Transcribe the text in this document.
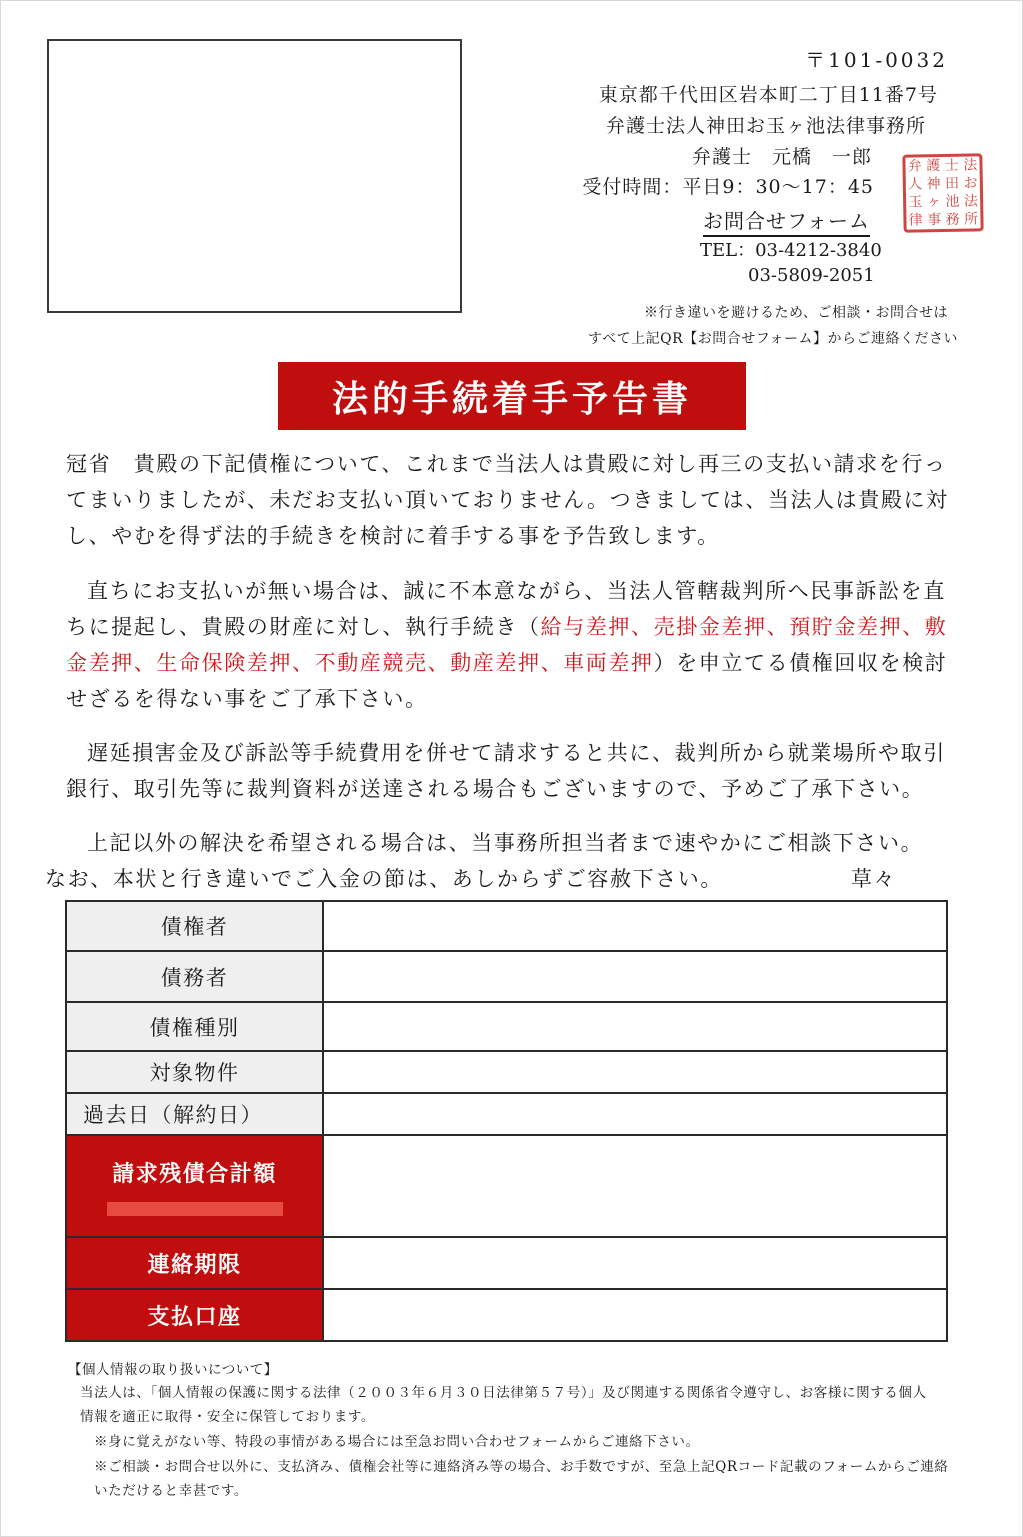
〒101-0032
東京都千代田区岩本町二丁目11番7号
弁護士法人神田お玉ヶ池法律事務所
弁護士　元橋　一郎
受付時間：平日9：30〜17：45
お問合せフォーム
TEL：03-4212-3840
03-5809-2051
※行き違いを避けるため、ご相談・お問合せは
すべて上記QR【お問合せフォーム】からご連絡ください
弁 護 士 法
人 神 田 お
玉 ヶ 池 法
律 事 務 所
法的手続着手予告書
冠省　貴殿の下記債権について、これまで当法人は貴殿に対し再三の支払い請求を行ってまいりましたが、未だお支払い頂いておりません。つきましては、当法人は貴殿に対し、やむを得ず法的手続きを検討に着手する事を予告致します。
直ちにお支払いが無い場合は、誠に不本意ながら、当法人管轄裁判所へ民事訴訟を直ちに提起し、貴殿の財産に対し、執行手続き（給与差押、売掛金差押、預貯金差押、敷金差押、生命保険差押、不動産競売、動産差押、車両差押）を申立てる債権回収を検討せざるを得ない事をご了承下さい。
遅延損害金及び訴訟等手続費用を併せて請求すると共に、裁判所から就業場所や取引銀行、取引先等に裁判資料が送達される場合もございますので、予めご了承下さい。
上記以外の解決を希望される場合は、当事務所担当者まで速やかにご相談下さい。
なお、本状と行き違いでご入金の節は、あしからずご容赦下さい。	草々
債権者	
債務者	
債権種別	
対象物件	
過去日（解約日）	
請求残債合計額

連絡期限	
支払口座	
【個人情報の取り扱いについて】
当法人は、「個人情報の保護に関する法律（２００３年６月３０日法律第５７号）」及び関連する関係省令遵守し、お客様に関する個人情報を適正に取得・安全に保管しております。
※身に覚えがない等、特段の事情がある場合には至急お問い合わせフォームからご連絡下さい。
※ご相談・お問合せ以外に、支払済み、債権会社等に連絡済み等の場合、お手数ですが、至急上記QRコード記載のフォームからご連絡いただけると幸甚です。
